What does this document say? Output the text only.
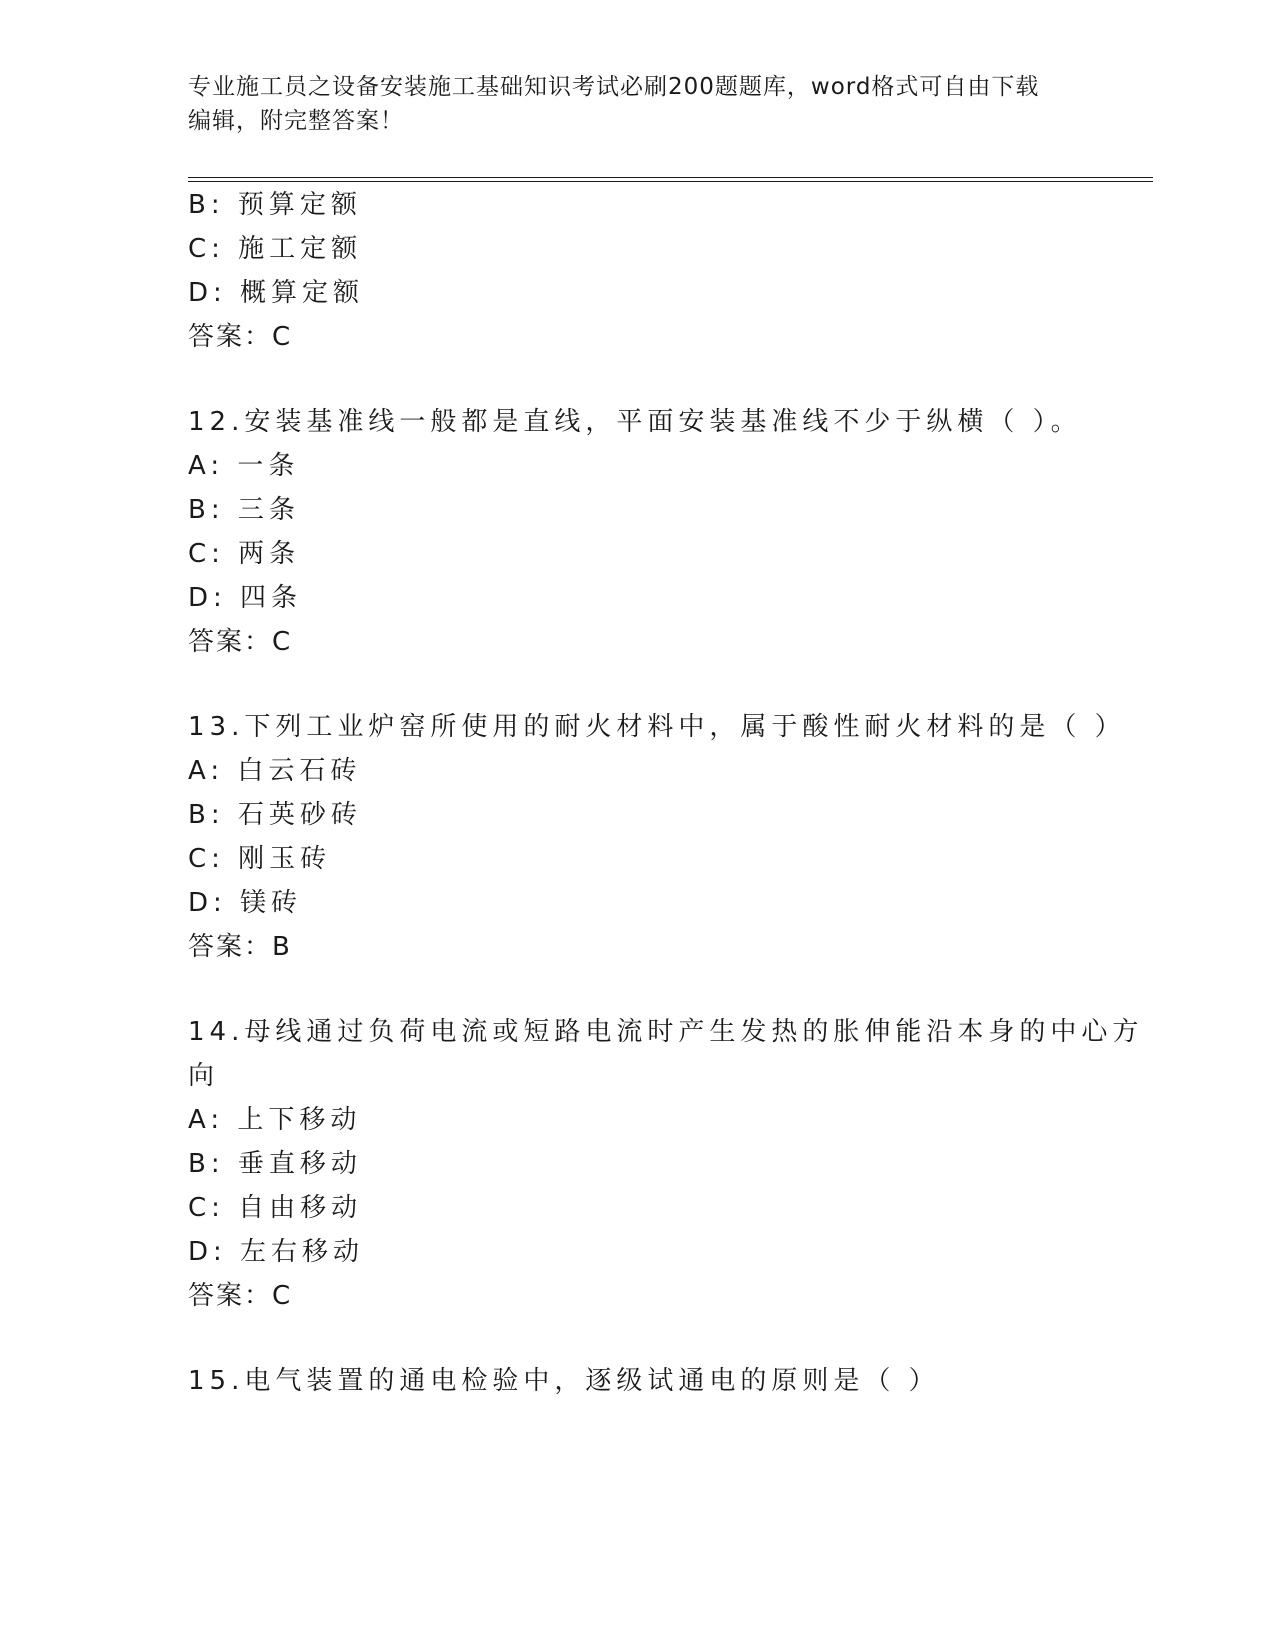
专业施工员之设备安装施工基础知识考试必刷200题题库，word格式可自由下载
编辑，附完整答案！
B: 预算定额
C: 施工定额
D: 概算定额
答案：C
12.安装基准线一般都是直线，平面安装基准线不少于纵横（ ）。
A: 一条
B: 三条
C: 两条
D: 四条
答案：C
13.下列工业炉窑所使用的耐火材料中，属于酸性耐火材料的是（ ）
A: 白云石砖
B: 石英砂砖
C: 刚玉砖
D: 镁砖
答案：B
14.母线通过负荷电流或短路电流时产生发热的胀伸能沿本身的中心方
向
A: 上下移动
B: 垂直移动
C: 自由移动
D: 左右移动
答案：C
15.电气装置的通电检验中，逐级试通电的原则是（ ）
